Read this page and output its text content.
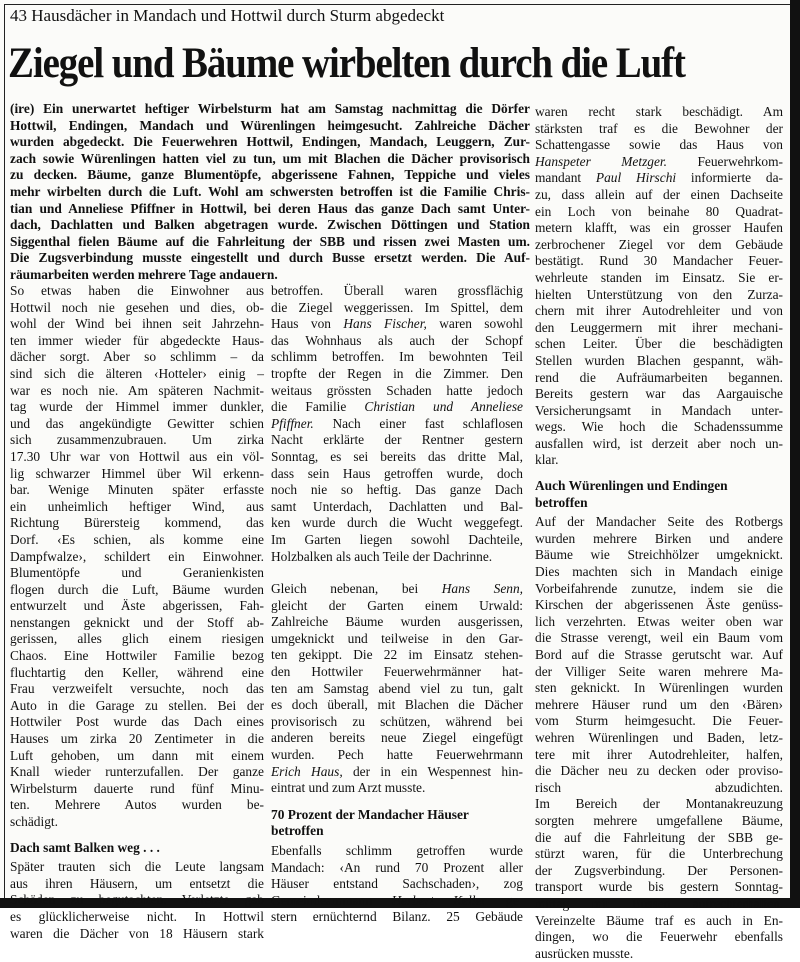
43 Hausdächer in Mandach und Hottwil durch Sturm abgedeckt
Ziegel und Bäume wirbelten durch die Luft
(ire) Ein unerwartet heftiger Wirbelsturm hat am Samstag nachmittag die Dörfer
Hottwil, Endingen, Mandach und Würenlingen heimgesucht. Zahlreiche Dächer
wurden abgedeckt. Die Feuerwehren Hottwil, Endingen, Mandach, Leuggern, Zur-
zach sowie Würenlingen hatten viel zu tun, um mit Blachen die Dächer provisorisch
zu decken. Bäume, ganze Blumentöpfe, abgerissene Fahnen, Teppiche und vieles
mehr wirbelten durch die Luft. Wohl am schwersten betroffen ist die Familie Chris-
tian und Anneliese Pfiffner in Hottwil, bei deren Haus das ganze Dach samt Unter-
dach, Dachlatten und Balken abgetragen wurde. Zwischen Döttingen und Station
Siggenthal fielen Bäume auf die Fahrleitung der SBB und rissen zwei Masten um.
Die Zugsverbindung musste eingestellt und durch Busse ersetzt werden. Die Auf-
räumarbeiten werden mehrere Tage andauern.
So etwas haben die Einwohner aus
Hottwil noch nie gesehen und dies, ob-
wohl der Wind bei ihnen seit Jahrzehn-
ten immer wieder für abgedeckte Haus-
dächer sorgt. Aber so schlimm – da
sind sich die älteren ‹Hotteler› einig –
war es noch nie. Am späteren Nachmit-
tag wurde der Himmel immer dunkler,
und das angekündigte Gewitter schien
sich zusammenzubrauen. Um zirka
17.30 Uhr war von Hottwil aus ein völ-
lig schwarzer Himmel über Wil erkenn-
bar. Wenige Minuten später erfasste
ein unheimlich heftiger Wind, aus
Richtung Bürersteig kommend, das
Dorf. ‹Es schien, als komme eine
Dampfwalze›, schildert ein Einwohner.
Blumentöpfe und Geranienkisten
flogen durch die Luft, Bäume wurden
entwurzelt und Äste abgerissen, Fah-
nenstangen geknickt und der Stoff ab-
gerissen, alles glich einem riesigen
Chaos. Eine Hottwiler Familie bezog
fluchtartig den Keller, während eine
Frau verzweifelt versuchte, noch das
Auto in die Garage zu stellen. Bei der
Hottwiler Post wurde das Dach eines
Hauses um zirka 20 Zentimeter in die
Luft gehoben, um dann mit einem
Knall wieder runterzufallen. Der ganze
Wirbelsturm dauerte rund fünf Minu-
ten. Mehrere Autos wurden be-
schädigt.
Dach samt Balken weg . . .
Später trauten sich die Leute langsam
aus ihren Häusern, um entsetzt die
Schäden zu begutachten. Verletzte gab
es glücklicherweise nicht. In Hottwil
waren die Dächer von 18 Häusern stark
betroffen. Überall waren grossflächig
die Ziegel weggerissen. Im Spittel, dem
Haus von Hans Fischer, waren sowohl
das Wohnhaus als auch der Schopf
schlimm betroffen. Im bewohnten Teil
tropfte der Regen in die Zimmer. Den
weitaus grössten Schaden hatte jedoch
die Familie Christian und Anneliese
Pfiffner. Nach einer fast schlaflosen
Nacht erklärte der Rentner gestern
Sonntag, es sei bereits das dritte Mal,
dass sein Haus getroffen wurde, doch
noch nie so heftig. Das ganze Dach
samt Unterdach, Dachlatten und Bal-
ken wurde durch die Wucht weggefegt.
Im Garten liegen sowohl Dachteile,
Holzbalken als auch Teile der Dachrinne.
Gleich nebenan, bei Hans Senn,
gleicht der Garten einem Urwald:
Zahlreiche Bäume wurden ausgerissen,
umgeknickt und teilweise in den Gar-
ten gekippt. Die 22 im Einsatz stehen-
den Hottwiler Feuerwehrmänner hat-
ten am Samstag abend viel zu tun, galt
es doch überall, mit Blachen die Dächer
provisorisch zu schützen, während bei
anderen bereits neue Ziegel eingefügt
wurden. Pech hatte Feuerwehrmann
Erich Haus, der in ein Wespennest hin-
eintrat und zum Arzt musste.
70 Prozent der Mandacher Häuser
betroffen
Ebenfalls schlimm getroffen wurde
Mandach: ‹An rund 70 Prozent aller
Häuser entstand Sachschaden›, zog
Gemeindeammann Herbert Keller ge-
stern ernüchternd Bilanz. 25 Gebäude
waren recht stark beschädigt. Am
stärksten traf es die Bewohner der
Schattengasse sowie das Haus von
Hanspeter Metzger. Feuerwehrkom-
mandant Paul Hirschi informierte da-
zu, dass allein auf der einen Dachseite
ein Loch von beinahe 80 Quadrat-
metern klafft, was ein grosser Haufen
zerbrochener Ziegel vor dem Gebäude
bestätigt. Rund 30 Mandacher Feuer-
wehrleute standen im Einsatz. Sie er-
hielten Unterstützung von den Zurza-
chern mit ihrer Autodrehleiter und von
den Leuggermern mit ihrer mechani-
schen Leiter. Über die beschädigten
Stellen wurden Blachen gespannt, wäh-
rend die Aufräumarbeiten begannen.
Bereits gestern war das Aargauische
Versicherungsamt in Mandach unter-
wegs. Wie hoch die Schadenssumme
ausfallen wird, ist derzeit aber noch un-
klar.
Auch Würenlingen und Endingen
betroffen
Auf der Mandacher Seite des Rotbergs
wurden mehrere Birken und andere
Bäume wie Streichhölzer umgeknickt.
Dies machten sich in Mandach einige
Vorbeifahrende zunutze, indem sie die
Kirschen der abgerissenen Äste genüss-
lich verzehrten. Etwas weiter oben war
die Strasse verengt, weil ein Baum vom
Bord auf die Strasse gerutscht war. Auf
der Villiger Seite waren mehrere Ma-
sten geknickt. In Würenlingen wurden
mehrere Häuser rund um den ‹Bären›
vom Sturm heimgesucht. Die Feuer-
wehren Würenlingen und Baden, letz-
tere mit ihrer Autodrehleiter, halfen,
die Dächer neu zu decken oder proviso-
risch abzudichten.
Im Bereich der Montanakreuzung
sorgten mehrere umgefallene Bäume,
die auf die Fahrleitung der SBB ge-
stürzt waren, für die Unterbrechung
der Zugsverbindung. Der Personen-
transport wurde bis gestern Sonntag-
mittag mit Bussen aufrechterhalten.
Vereinzelte Bäume traf es auch in En-
dingen, wo die Feuerwehr ebenfalls
ausrücken musste.
